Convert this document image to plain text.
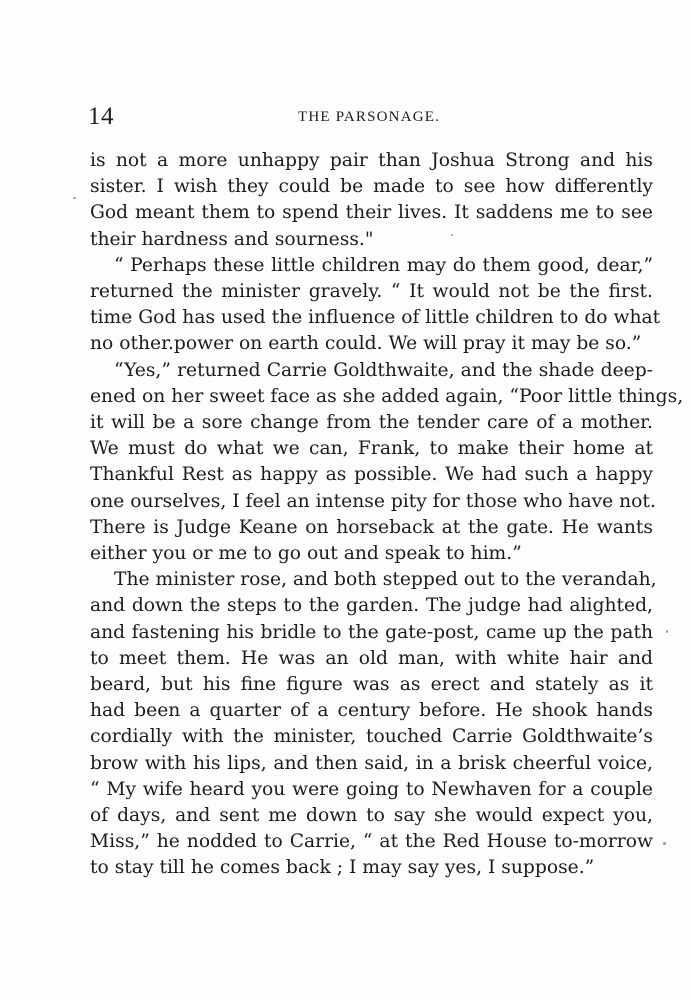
14	THE PARSONAGE.
is not a more unhappy pair than Joshua Strong and his
sister. I wish they could be made to see how differently
God meant them to spend their lives. It saddens me to see
their hardness and sourness."
“ Perhaps these little children may do them good, dear,”
returned the minister gravely. “ It would not be the first.
time God has used the influence of little children to do what
no other.power on earth could. We will pray it may be so.”
“Yes,” returned Carrie Goldthwaite, and the shade deep-
ened on her sweet face as she added again, “Poor little things,
it will be a sore change from the tender care of a mother.
We must do what we can, Frank, to make their home at
Thankful Rest as happy as possible. We had such a happy
one ourselves, I feel an intense pity for those who have not.
There is Judge Keane on horseback at the gate. He wants
either you or me to go out and speak to him.”
The minister rose, and both stepped out to the verandah,
and down the steps to the garden. The judge had alighted,
and fastening his bridle to the gate-post, came up the path
to meet them. He was an old man, with white hair and
beard, but his fine figure was as erect and stately as it
had been a quarter of a century before. He shook hands
cordially with the minister, touched Carrie Goldthwaite’s
brow with his lips, and then said, in a brisk cheerful voice,
“ My wife heard you were going to Newhaven for a couple
of days, and sent me down to say she would expect you,
Miss,” he nodded to Carrie, “ at the Red House to-morrow
to stay till he comes back ; I may say yes, I suppose.”
